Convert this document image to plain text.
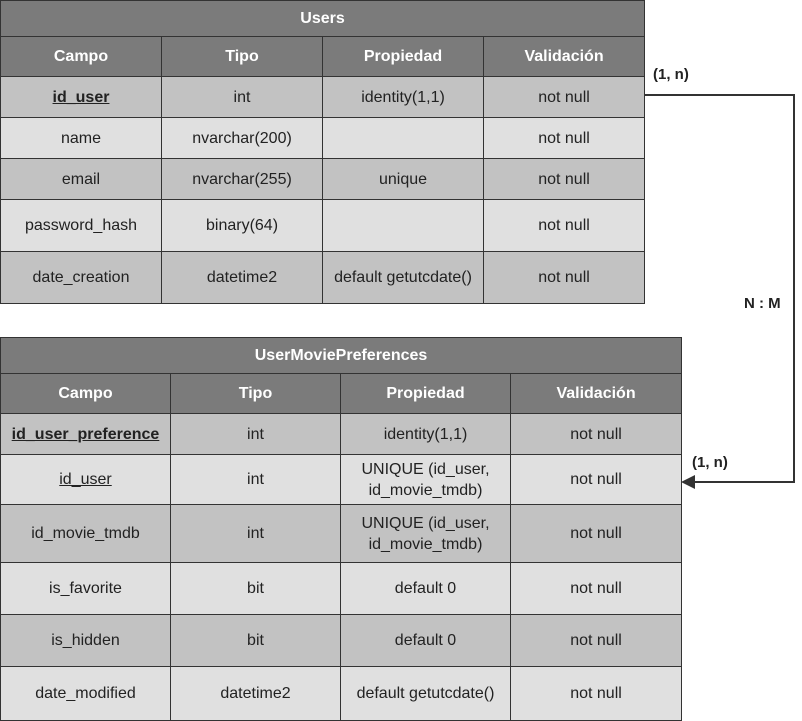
Users			
Campo	Tipo	Propiedad	Validación
id_user	int	identity(1,1)	not null
name	nvarchar(200)		not null
email	nvarchar(255)	unique	not null
password_hash	binary(64)		not null
date_creation	datetime2	default getutcdate()	not null
UserMoviePreferences			
Campo	Tipo	Propiedad	Validación
id_user_preference	int	identity(1,1)	not null
id_user	int	UNIQUE (id_user, id_movie_tmdb)	not null
id_movie_tmdb	int	UNIQUE (id_user, id_movie_tmdb)	not null
is_favorite	bit	default 0	not null
is_hidden	bit	default 0	not null
date_modified	datetime2	default getutcdate()	not null
(1, n)
N : M
(1, n)
